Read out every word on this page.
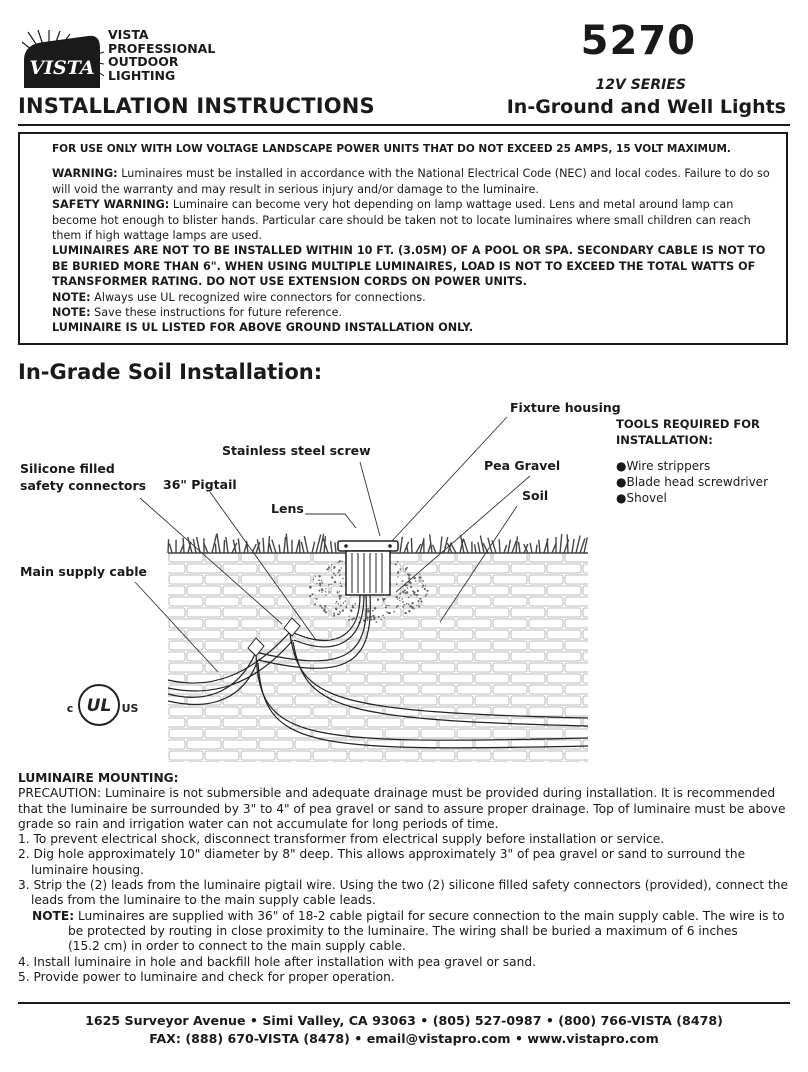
VISTA
VISTA
PROFESSIONAL
OUTDOOR
LIGHTING
5270
12V SERIES
INSTALLATION INSTRUCTIONS	In-Ground and Well Lights

FOR USE ONLY WITH LOW VOLTAGE LANDSCAPE POWER UNITS THAT DO NOT EXCEED 25 AMPS, 15 VOLT MAXIMUM.

WARNING: Luminaires must be installed in accordance with the National Electrical Code (NEC) and local codes. Failure to do so will void the warranty and may result in serious injury and/or damage to the luminaire.

SAFETY WARNING: Luminaire can become very hot depending on lamp wattage used. Lens and metal around lamp can become hot enough to blister hands. Particular care should be taken not to locate luminaires where small children can reach them if high wattage lamps are used.

LUMINAIRES ARE NOT TO BE INSTALLED WITHIN 10 FT. (3.05M) OF A POOL OR SPA. SECONDARY CABLE IS NOT TO BE BURIED MORE THAN 6". WHEN USING MULTIPLE LUMINAIRES, LOAD IS NOT TO EXCEED THE TOTAL WATTS OF TRANSFORMER RATING. DO NOT USE EXTENSION CORDS ON POWER UNITS.

NOTE: Always use UL recognized wire connectors for connections.

NOTE: Save these instructions for future reference.

LUMINAIRE IS UL LISTED FOR ABOVE GROUND INSTALLATION ONLY.

In-Grade Soil Installation:
UL
c	US
Fixture housing
Stainless steel screw
Pea Gravel
Silicone filled
safety connectors 36" Pigtail
Soil
Lens
Main supply cable
TOOLS REQUIRED FOR
INSTALLATION:
●Wire strippers
●Blade head screwdriver
●Shovel
LUMINAIRE MOUNTING:
PRECAUTION: Luminaire is not submersible and adequate drainage must be provided during installation. It is recommended that the luminaire be surrounded by 3" to 4" of pea gravel or sand to assure proper drainage. Top of luminaire must be above grade so rain and irrigation water can not accumulate for long periods of time.
1. To prevent electrical shock, disconnect transformer from electrical supply before installation or service.
2. Dig hole approximately 10" diameter by 8" deep. This allows approximately 3" of pea gravel or sand to surround the luminaire housing.
3. Strip the (2) leads from the luminaire pigtail wire. Using the two (2) silicone filled safety connectors (provided), connect the leads from the luminaire to the main supply cable leads.
NOTE: Luminaires are supplied with 36" of 18-2 cable pigtail for secure connection to the main supply cable. The wire is to be protected by routing in close proximity to the luminaire. The wiring shall be buried a maximum of 6 inches
(15.2 cm) in order to connect to the main supply cable.
4. Install luminaire in hole and backfill hole after installation with pea gravel or sand.
5. Provide power to luminaire and check for proper operation.
1625 Surveyor Avenue • Simi Valley, CA 93063 • (805) 527-0987 • (800) 766-VISTA (8478)
FAX: (888) 670-VISTA (8478) • email@vistapro.com • www.vistapro.com
